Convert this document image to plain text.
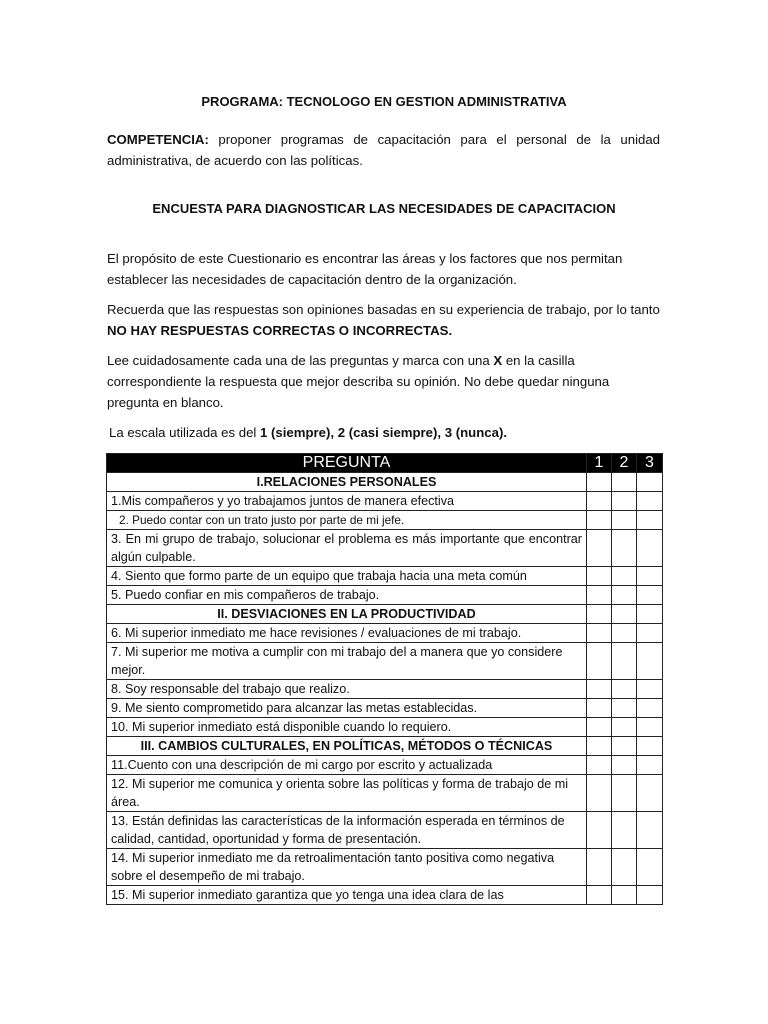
PROGRAMA: TECNOLOGO EN GESTION ADMINISTRATIVA
COMPETENCIA: proponer programas de capacitación para el personal de la unidad administrativa, de acuerdo con las políticas.
ENCUESTA PARA DIAGNOSTICAR LAS NECESIDADES DE CAPACITACION
El propósito de este Cuestionario es encontrar las áreas y los factores que nos permitan establecer las necesidades de capacitación dentro de la organización.
Recuerda que las respuestas son opiniones basadas en su experiencia de trabajo, por lo tanto NO HAY RESPUESTAS CORRECTAS O INCORRECTAS.
Lee cuidadosamente cada una de las preguntas y marca con una X en la casilla correspondiente la respuesta que mejor describa su opinión. No debe quedar ninguna pregunta en blanco.
La escala utilizada es del 1 (siempre), 2 (casi siempre), 3 (nunca).
PREGUNTA	1	2	3
I.RELACIONES PERSONALES			
1.Mis compañeros y yo trabajamos juntos de manera efectiva			
2. Puedo contar con un trato justo por parte de mi jefe.			
3. En mi grupo de trabajo, solucionar el problema es más importante que encontrar algún culpable.			
4. Siento que formo parte de un equipo que trabaja hacia una meta común			
5. Puedo confiar en mis compañeros de trabajo.			
II. DESVIACIONES EN LA PRODUCTIVIDAD			
6. Mi superior inmediato me hace revisiones / evaluaciones de mi trabajo.			
7. Mi superior me motiva a cumplir con mi trabajo del a manera que yo considere mejor.			
8. Soy responsable del trabajo que realizo.			
9. Me siento comprometido para alcanzar las metas establecidas.			
10. Mi superior inmediato está disponible cuando lo requiero.			
III. CAMBIOS CULTURALES, EN POLÍTICAS, MÉTODOS O TÉCNICAS			
11.Cuento con una descripción de mi cargo por escrito y actualizada			
12. Mi superior me comunica y orienta sobre las políticas y forma de trabajo de mi área.			
13. Están definidas las características de la información esperada en términos de calidad, cantidad, oportunidad y forma de presentación.			
14. Mi superior inmediato me da retroalimentación tanto positiva como negativa sobre el desempeño de mi trabajo.			
15. Mi superior inmediato garantiza que yo tenga una idea clara de las			
